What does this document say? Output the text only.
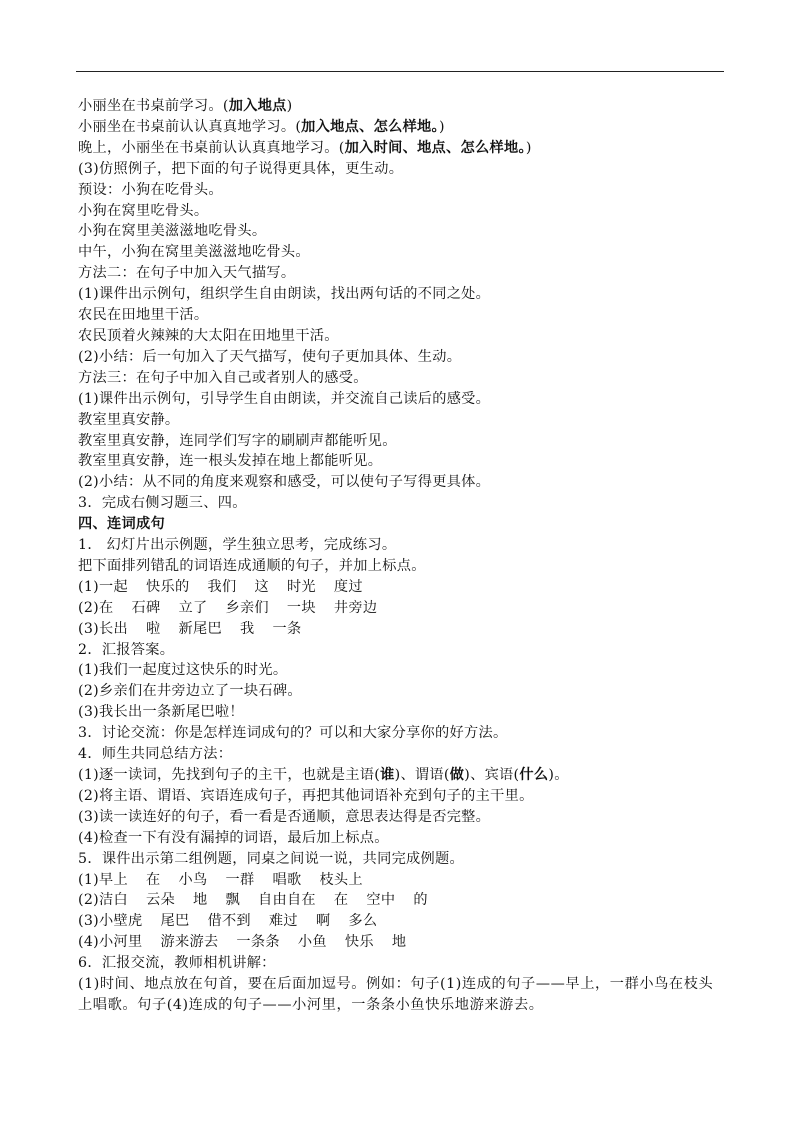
小丽坐在书桌前学习。(加入地点)
小丽坐在书桌前认认真真地学习。(加入地点、怎么样地。)
晚上，小丽坐在书桌前认认真真地学习。(加入时间、地点、怎么样地。)
(3)仿照例子，把下面的句子说得更具体，更生动。
预设：小狗在吃骨头。
小狗在窝里吃骨头。
小狗在窝里美滋滋地吃骨头。
中午，小狗在窝里美滋滋地吃骨头。
方法二：在句子中加入天气描写。
(1)课件出示例句，组织学生自由朗读，找出两句话的不同之处。
农民在田地里干活。
农民顶着火辣辣的大太阳在田地里干活。
(2)小结：后一句加入了天气描写，使句子更加具体、生动。
方法三：在句子中加入自己或者别人的感受。
(1)课件出示例句，引导学生自由朗读，并交流自己读后的感受。
教室里真安静。
教室里真安静，连同学们写字的刷刷声都能听见。
教室里真安静，连一根头发掉在地上都能听见。
(2)小结：从不同的角度来观察和感受，可以使句子写得更具体。
3．完成右侧习题三、四。
四、连词成句
1． 幻灯片出示例题，学生独立思考，完成练习。
把下面排列错乱的词语连成通顺的句子，并加上标点。
(1)一起 快乐的 我们 这 时光 度过
(2)在 石碑 立了 乡亲们 一块 井旁边
(3)长出 啦 新尾巴 我 一条
2．汇报答案。
(1)我们一起度过这快乐的时光。
(2)乡亲们在井旁边立了一块石碑。
(3)我长出一条新尾巴啦！
3．讨论交流：你是怎样连词成句的？可以和大家分享你的好方法。
4．师生共同总结方法：
(1)逐一读词，先找到句子的主干，也就是主语(谁)、谓语(做)、宾语(什么)。
(2)将主语、谓语、宾语连成句子，再把其他词语补充到句子的主干里。
(3)读一读连好的句子，看一看是否通顺，意思表达得是否完整。
(4)检查一下有没有漏掉的词语，最后加上标点。
5．课件出示第二组例题，同桌之间说一说，共同完成例题。
(1)早上 在 小鸟 一群 唱歌 枝头上
(2)洁白 云朵 地 飘 自由自在 在 空中 的
(3)小壁虎 尾巴 借不到 难过 啊 多么
(4)小河里 游来游去 一条条 小鱼 快乐 地
6．汇报交流，教师相机讲解：
(1)时间、地点放在句首，要在后面加逗号。例如：句子(1)连成的句子——早上，一群小鸟在枝头上唱歌。句子(4)连成的句子——小河里，一条条小鱼快乐地游来游去。
